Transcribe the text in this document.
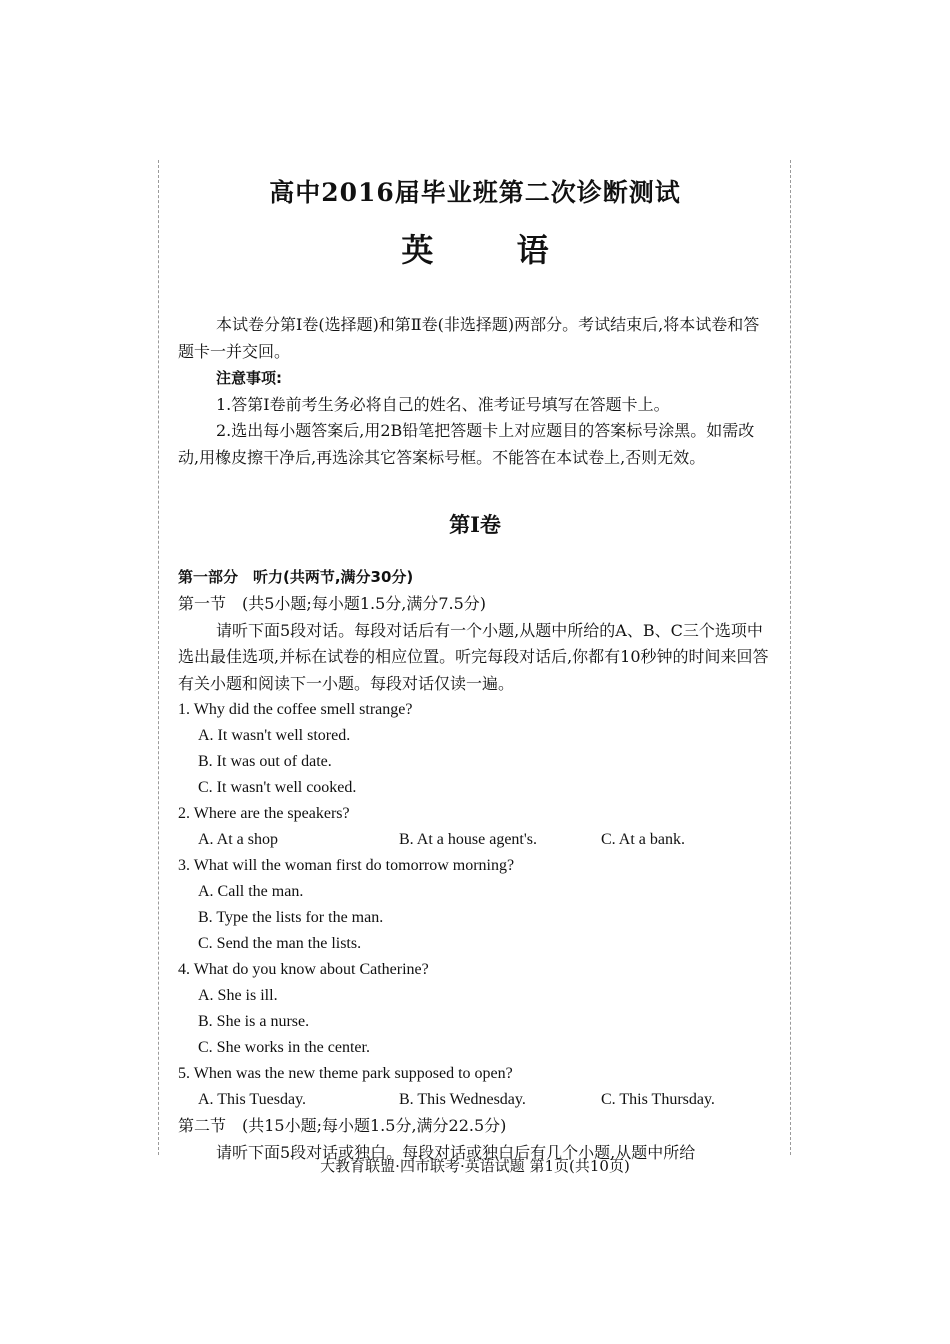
高中2016届毕业班第二次诊断测试
英 语
本试卷分第Ⅰ卷(选择题)和第Ⅱ卷(非选择题)两部分。考试结束后,将本试卷和答题卡一并交回。
注意事项:
1.答第Ⅰ卷前考生务必将自己的姓名、准考证号填写在答题卡上。
2.选出每小题答案后,用2B铅笔把答题卡上对应题目的答案标号涂黑。如需改动,用橡皮擦干净后,再选涂其它答案标号框。不能答在本试卷上,否则无效。
第Ⅰ卷
第一部分　听力(共两节,满分30分)
第一节　(共5小题;每小题1.5分,满分7.5分)
请听下面5段对话。每段对话后有一个小题,从题中所给的A、B、C三个选项中选出最佳选项,并标在试卷的相应位置。听完每段对话后,你都有10秒钟的时间来回答有关小题和阅读下一小题。每段对话仅读一遍。
1. Why did the coffee smell strange?
A. It wasn't well stored.
B. It was out of date.
C. It wasn't well cooked.
2. Where are the speakers?
A. At a shop	B. At a house agent's.	C. At a bank.
3. What will the woman first do tomorrow morning?
A. Call the man.
B. Type the lists for the man.
C. Send the man the lists.
4. What do you know about Catherine?
A. She is ill.
B. She is a nurse.
C. She works in the center.
5. When was the new theme park supposed to open?
A. This Tuesday.	B. This Wednesday.	C. This Thursday.
第二节　(共15小题;每小题1.5分,满分22.5分)
请听下面5段对话或独白。每段对话或独白后有几个小题,从题中所给
大教育联盟·四市联考·英语试题 第1页(共10页)
